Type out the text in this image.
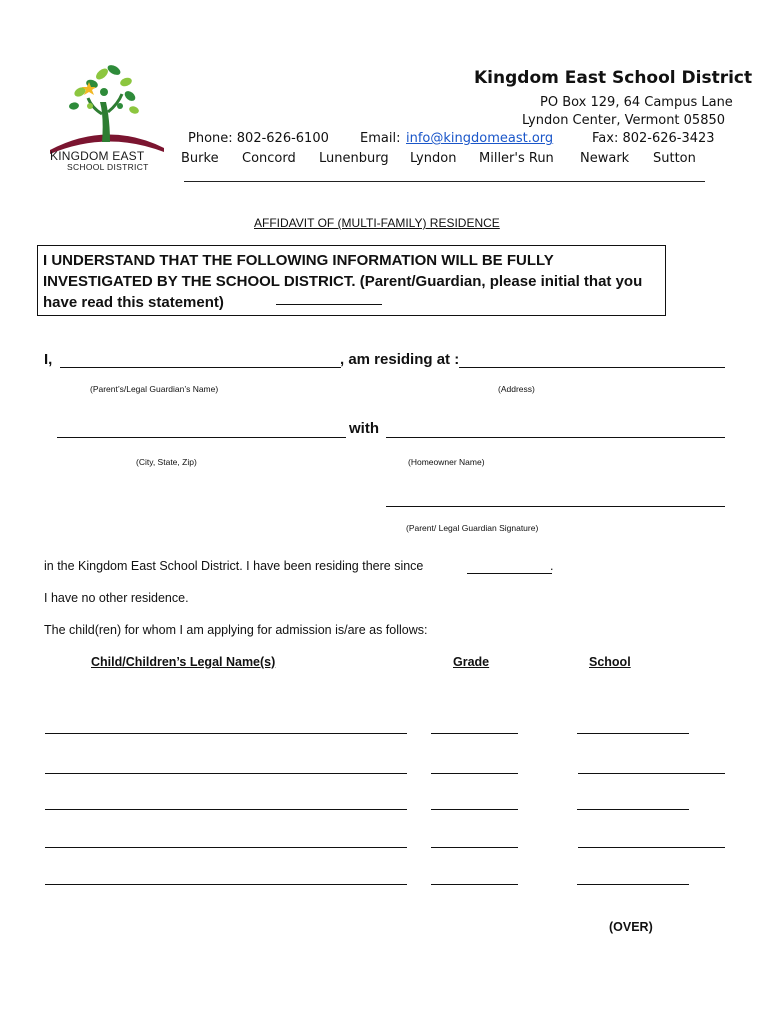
KINGDOM EAST
SCHOOL DISTRICT
Kingdom East School District
PO Box 129, 64 Campus Lane
Lyndon Center, Vermont 05850
Phone: 802-626-6100 Email: info@kingdomeast.org	Fax: 802-626-3423
Burke Concord Lunenburg Lyndon Miller's Run Newark Sutton
AFFIDAVIT OF (MULTI-FAMILY) RESIDENCE
I UNDERSTAND THAT THE FOLLOWING INFORMATION WILL BE FULLY INVESTIGATED BY THE SCHOOL DISTRICT. (Parent/Guardian, please initial that you have read this statement)
I,	, am residing at :
(Parent’s/Legal Guardian’s Name)	(Address)
with
(City, State, Zip)	(Homeowner Name)
(Parent/ Legal Guardian Signature)
in the Kingdom East School District. I have been residing there since	.
I have no other residence.
The child(ren) for whom I am applying for admission is/are as follows:
Child/Children’s Legal Name(s)	Grade	School
(OVER)
